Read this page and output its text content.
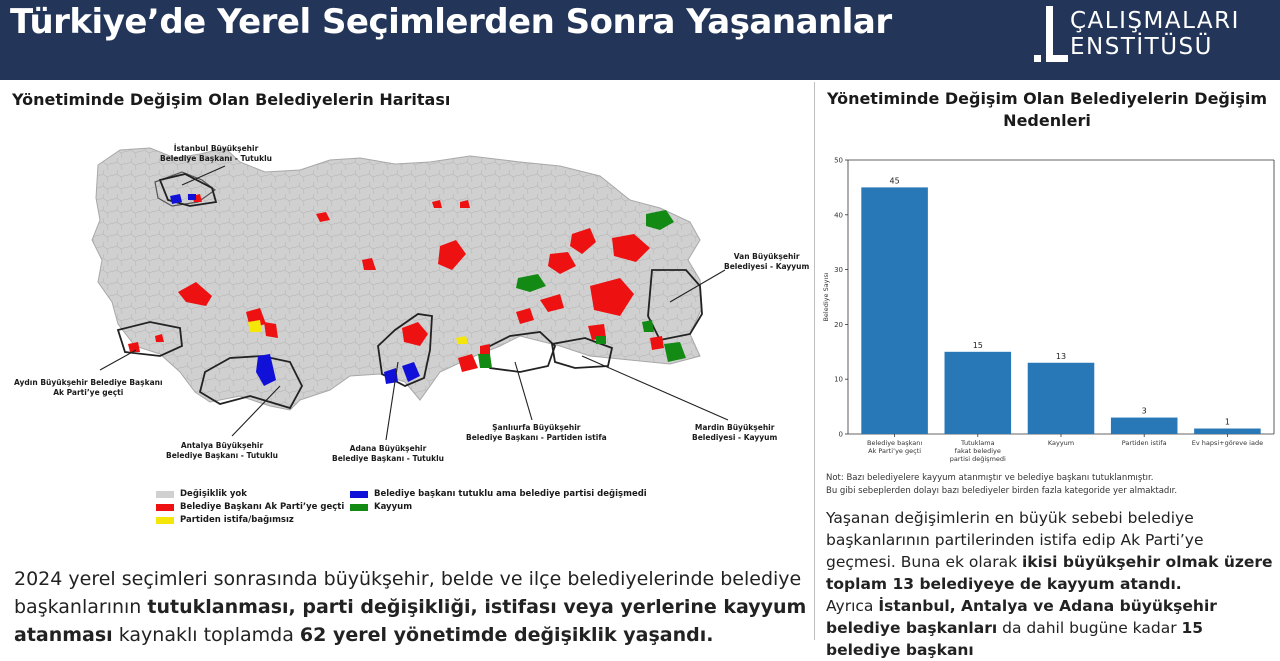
Türkiye’de Yerel Seçimlerden Sonra Yaşananlar	ÇALIŞMALARI
ENSTİTÜSÜ
Yönetiminde Değişim Olan Belediyelerin Haritası
İstanbul Büyükşehir
Belediye Başkanı - Tutuklu
Van Büyükşehir
Belediyesi - Kayyum
Aydın Büyükşehir Belediye Başkanı
Ak Parti’ye geçti
Antalya Büyükşehir
Belediye Başkanı - Tutuklu
Adana Büyükşehir
Belediye Başkanı - Tutuklu
Şanlıurfa Büyükşehir
Belediye Başkanı - Partiden istifa
Mardin Büyükşehir
Belediyesi - Kayyum
Değişiklik yok	Belediye başkanı tutuklu ama belediye partisi değişmedi
Belediye Başkanı Ak Parti’ye geçti	Kayyum
Partiden istifa/bağımsız
2024 yerel seçimleri sonrasında büyükşehir, belde ve ilçe belediyelerinde belediye başkanlarının tutuklanması, parti değişikliği, istifası veya yerlerine kayyum atanması kaynaklı toplamda 62 yerel yönetimde değişiklik yaşandı.
Yönetiminde Değişim Olan Belediyelerin Değişim Nedenleri
0
10
20
30
40
50
Belediye Sayısı
45
Belediye başkanı
Ak Parti’ye geçti
15
Tutuklama
fakat belediye
partisi değişmedi
13
Kayyum
3
Partiden istifa
1
Ev hapsi+göreve iade
Not: Bazı belediyelere kayyum atanmıştır ve belediye başkanı tutuklanmıştır.
Bu gibi sebeplerden dolayı bazı belediyeler birden fazla kategoride yer almaktadır.
Yaşanan değişimlerin en büyük sebebi belediye başkanlarının partilerinden istifa edip Ak Parti’ye geçmesi. Buna ek olarak ikisi büyükşehir olmak üzere toplam 13 belediyeye de kayyum atandı.
Ayrıca İstanbul, Antalya ve Adana büyükşehir belediye başkanları da dahil bugüne kadar 15 belediye başkanı
